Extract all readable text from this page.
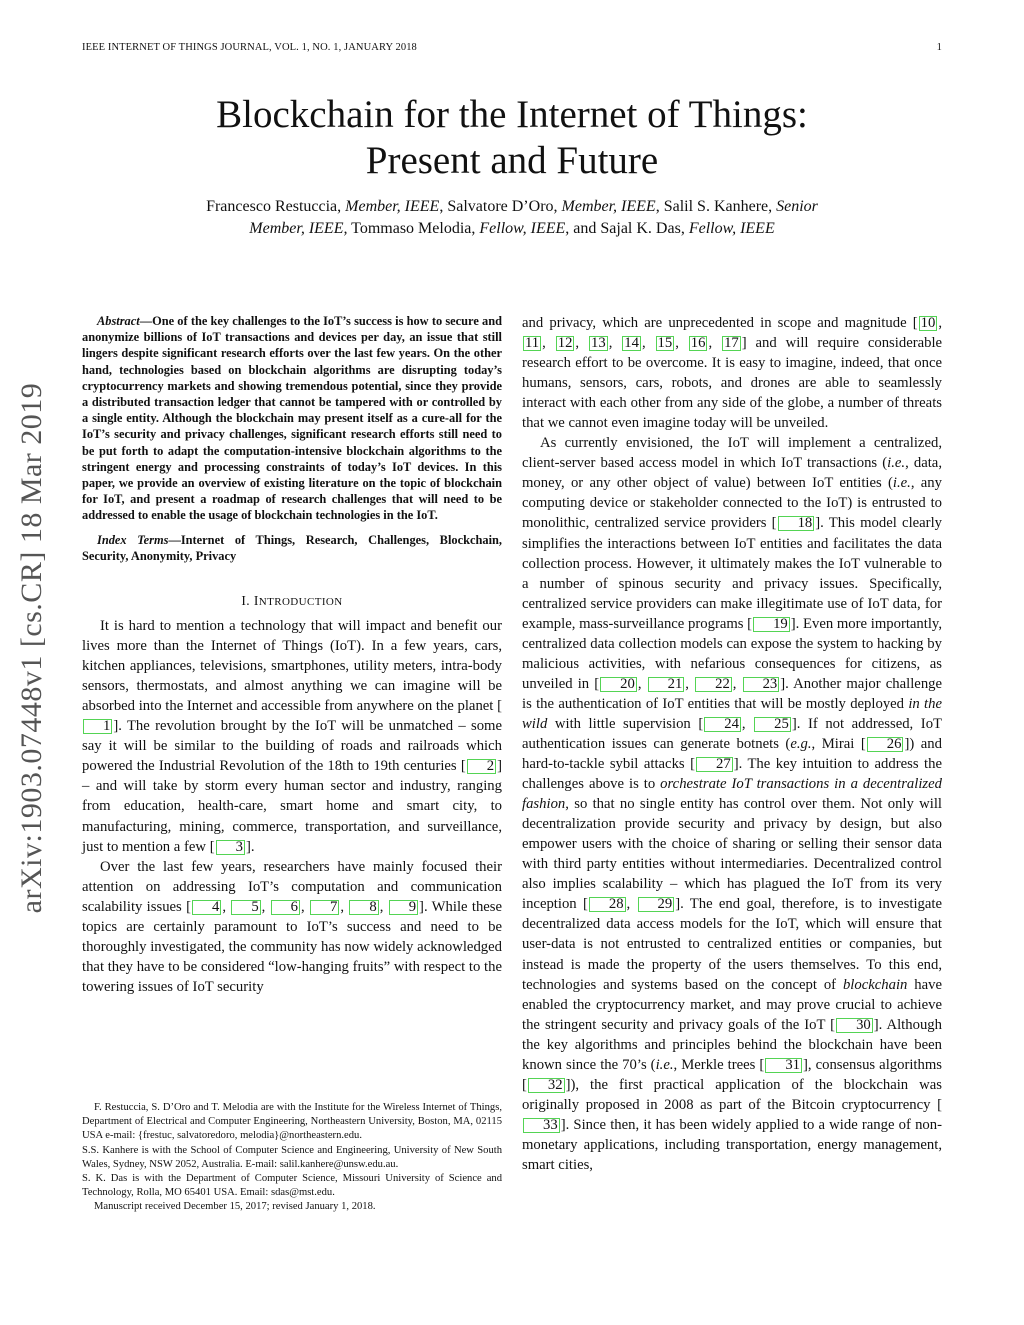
IEEE INTERNET OF THINGS JOURNAL, VOL. 1, NO. 1, JANUARY 2018	1
arXiv:1903.07448v1 [cs.CR] 18 Mar 2019
Blockchain for the Internet of Things:
Present and Future
Francesco Restuccia, Member, IEEE, Salvatore D’Oro, Member, IEEE, Salil S. Kanhere, Senior
Member, IEEE, Tommaso Melodia, Fellow, IEEE, and Sajal K. Das, Fellow, IEEE

Abstract—One of the key challenges to the IoT’s success is how to secure and anonymize billions of IoT transactions and devices per day, an issue that still lingers despite significant research efforts over the last few years. On the other hand, technologies based on blockchain algorithms are disrupting today’s cryptocurrency markets and showing tremendous potential, since they provide a distributed transaction ledger that cannot be tampered with or controlled by a single entity. Although the blockchain may present itself as a cure-all for the IoT’s security and privacy challenges, significant research efforts still need to be put forth to adapt the computation-intensive blockchain algorithms to the stringent energy and processing constraints of today’s IoT devices. In this paper, we provide an overview of existing literature on the topic of blockchain for IoT, and present a roadmap of research challenges that will need to be addressed to enable the usage of blockchain technologies in the IoT.

Index Terms—Internet of Things, Research, Challenges, Blockchain, Security, Anonymity, Privacy

I. INTRODUCTION

It is hard to mention a technology that will impact and benefit our lives more than the Internet of Things (IoT). In a few years, cars, kitchen appliances, televisions, smartphones, utility meters, intra-body sensors, thermostats, and almost anything we can imagine will be absorbed into the Internet and accessible from anywhere on the planet [1 ]. The revolution brought by the IoT will be unmatched – some say it will be similar to the building of roads and railroads which powered the Industrial Revolution of the 18th to 19th centuries [ 2 ] – and will take by storm every human sector and industry, ranging from education, health-care, smart home and smart city, to manufacturing, mining, commerce, transportation, and surveillance, just to mention a few [ 3 ].

Over the last few years, researchers have mainly focused their attention on addressing IoT’s computation and communication scalability issues [ 4 , 5 , 6 , 7 , 8 , 9 ]. While these topics are certainly paramount to IoT’s success and need to be thoroughly investigated, the community has now widely acknowledged that they have to be considered “low-hanging fruits” with respect to the towering issues of IoT security

and privacy, which are unprecedented in scope and magnitude [ 10 , 11 , 12 , 13 , 14 , 15 , 16 , 17 ] and will require considerable research effort to be overcome. It is easy to imagine, indeed, that once humans, sensors, cars, robots, and drones are able to seamlessly interact with each other from any side of the globe, a number of threats that we cannot even imagine today will be unveiled.

As currently envisioned, the IoT will implement a centralized, client-server based access model in which IoT transactions (i.e., data, money, or any other object of value) between IoT entities (i.e., any computing device or stakeholder connected to the IoT) is entrusted to monolithic, centralized service providers [ 18 ]. This model clearly simplifies the interactions between IoT entities and facilitates the data collection process. However, it ultimately makes the IoT vulnerable to a number of spinous security and privacy issues. Specifically, centralized service providers can make illegitimate use of IoT data, for example, mass-surveillance programs [ 19 ]. Even more importantly, centralized data collection models can expose the system to hacking by malicious activities, with nefarious consequences for citizens, as unveiled in [ 20 , 21 , 22 , 23 ]. Another major challenge is the authentication of IoT entities that will be mostly deployed in the wild with little supervision [ 24 , 25 ]. If not addressed, IoT authentication issues can generate botnets (e.g., Mirai [ 26 ]) and hard-to-tackle sybil attacks [ 27 ]. The key intuition to address the challenges above is to orchestrate IoT transactions in a decentralized fashion, so that no single entity has control over them. Not only will decentralization provide security and privacy by design, but also empower users with the choice of sharing or selling their sensor data with third party entities without intermediaries. Decentralized control also implies scalability – which has plagued the IoT from its very inception [ 28 , 29 ]. The end goal, therefore, is to investigate decentralized data access models for the IoT, which will ensure that user-data is not entrusted to centralized entities or companies, but instead is made the property of the users themselves. To this end, technologies and systems based on the concept of blockchain have enabled the cryptocurrency market, and may prove crucial to achieve the stringent security and privacy goals of the IoT [ 30 ]. Although the key algorithms and principles behind the blockchain have been known since the 70’s (i.e., Merkle trees [ 31 ], consensus algorithms [ 32 ]), the first practical application of the blockchain was originally proposed in 2008 as part of the Bitcoin cryptocurrency [33 ]. Since then, it has been widely applied to a wide range of non-monetary applications, including transportation, energy management, smart cities,

F. Restuccia, S. D’Oro and T. Melodia are with the Institute for the Wireless Internet of Things, Department of Electrical and Computer Engineering, Northeastern University, Boston, MA, 02115 USA e-mail: {frestuc, salvatoredoro, melodia}@northeastern.edu.

S.S. Kanhere is with the School of Computer Science and Engineering, University of New South Wales, Sydney, NSW 2052, Australia. E-mail: salil.kanhere@unsw.edu.au.

S. K. Das is with the Department of Computer Science, Missouri University of Science and Technology, Rolla, MO 65401 USA. Email: sdas@mst.edu.

Manuscript received December 15, 2017; revised January 1, 2018.
